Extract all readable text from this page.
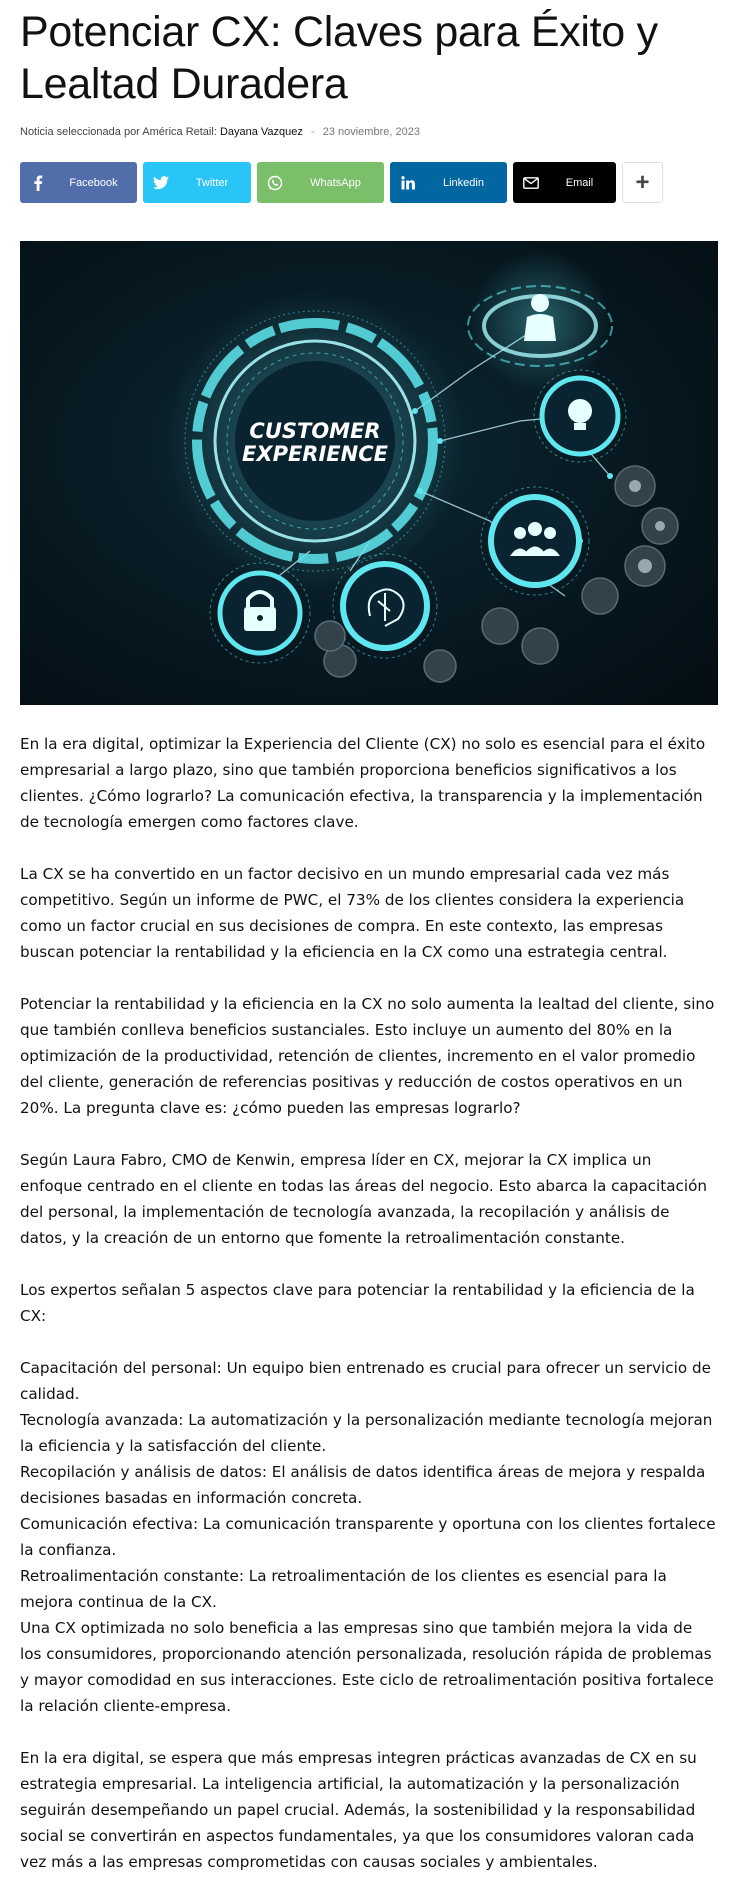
Potenciar CX: Claves para Éxito y Lealtad Duradera
Noticia seleccionada por América Retail: Dayana Vazquez - 23 noviembre, 2023
Facebook	Twitter	WhatsApp	Linkedin	Email	+
CUSTOMER
EXPERIENCE

En la era digital, optimizar la Experiencia del Cliente (CX) no solo es esencial para el éxito empresarial a largo plazo, sino que también proporciona beneficios significativos a los clientes. ¿Cómo lograrlo? La comunicación efectiva, la transparencia y la implementación de tecnología emergen como factores clave.

La CX se ha convertido en un factor decisivo en un mundo empresarial cada vez más competitivo. Según un informe de PWC, el 73% de los clientes considera la experiencia como un factor crucial en sus decisiones de compra. En este contexto, las empresas buscan potenciar la rentabilidad y la eficiencia en la CX como una estrategia central.

Potenciar la rentabilidad y la eficiencia en la CX no solo aumenta la lealtad del cliente, sino que también conlleva beneficios sustanciales. Esto incluye un aumento del 80% en la optimización de la productividad, retención de clientes, incremento en el valor promedio del cliente, generación de referencias positivas y reducción de costos operativos en un 20%. La pregunta clave es: ¿cómo pueden las empresas lograrlo?

Según Laura Fabro, CMO de Kenwin, empresa líder en CX, mejorar la CX implica un enfoque centrado en el cliente en todas las áreas del negocio. Esto abarca la capacitación del personal, la implementación de tecnología avanzada, la recopilación y análisis de datos, y la creación de un entorno que fomente la retroalimentación constante.

Los expertos señalan 5 aspectos clave para potenciar la rentabilidad y la eficiencia de la CX:

Capacitación del personal: Un equipo bien entrenado es crucial para ofrecer un servicio de calidad.
Tecnología avanzada: La automatización y la personalización mediante tecnología mejoran la eficiencia y la satisfacción del cliente.
Recopilación y análisis de datos: El análisis de datos identifica áreas de mejora y respalda decisiones basadas en información concreta.
Comunicación efectiva: La comunicación transparente y oportuna con los clientes fortalece la confianza.
Retroalimentación constante: La retroalimentación de los clientes es esencial para la mejora continua de la CX.
Una CX optimizada no solo beneficia a las empresas sino que también mejora la vida de los consumidores, proporcionando atención personalizada, resolución rápida de problemas y mayor comodidad en sus interacciones. Este ciclo de retroalimentación positiva fortalece la relación cliente-empresa.

En la era digital, se espera que más empresas integren prácticas avanzadas de CX en su estrategia empresarial. La inteligencia artificial, la automatización y la personalización seguirán desempeñando un papel crucial. Además, la sostenibilidad y la responsabilidad social se convertirán en aspectos fundamentales, ya que los consumidores valoran cada vez más a las empresas comprometidas con causas sociales y ambientales.
